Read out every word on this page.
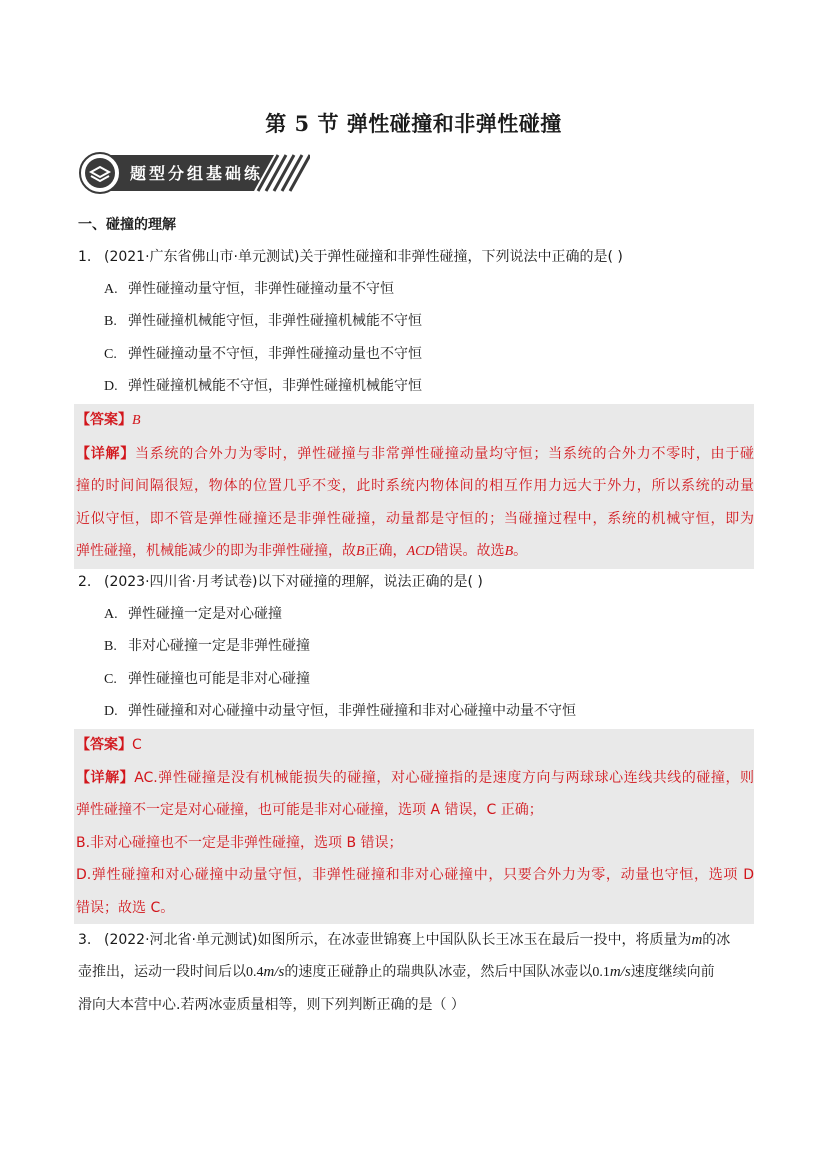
第 5 节 弹性碰撞和非弹性碰撞
题型分组基础练
一、碰撞的理解
1. (2021·广东省佛山市·单元测试)关于弹性碰撞和非弹性碰撞，下列说法中正确的是( )
A. 弹性碰撞动量守恒，非弹性碰撞动量不守恒
B. 弹性碰撞机械能守恒，非弹性碰撞机械能不守恒
C. 弹性碰撞动量不守恒，非弹性碰撞动量也不守恒
D. 弹性碰撞机械能不守恒，非弹性碰撞机械能守恒
【答案】B
【详解】当系统的合外力为零时，弹性碰撞与非常弹性碰撞动量均守恒；当系统的合外力不零时，由于碰
撞的时间间隔很短，物体的位置几乎不变，此时系统内物体间的相互作用力远大于外力，所以系统的动量
近似守恒，即不管是弹性碰撞还是非弹性碰撞，动量都是守恒的；当碰撞过程中，系统的机械守恒，即为
弹性碰撞，机械能减少的即为非弹性碰撞，故B正确，ACD错误。故选B。
2. (2023·四川省·月考试卷)以下对碰撞的理解，说法正确的是( )
A. 弹性碰撞一定是对心碰撞
B. 非对心碰撞一定是非弹性碰撞
C. 弹性碰撞也可能是非对心碰撞
D. 弹性碰撞和对心碰撞中动量守恒，非弹性碰撞和非对心碰撞中动量不守恒
【答案】C
【详解】AC.弹性碰撞是没有机械能损失的碰撞，对心碰撞指的是速度方向与两球球心连线共线的碰撞，则
弹性碰撞不一定是对心碰撞，也可能是非对心碰撞，选项 A 错误，C 正确；
B.非对心碰撞也不一定是非弹性碰撞，选项 B 错误；
D.弹性碰撞和对心碰撞中动量守恒，非弹性碰撞和非对心碰撞中，只要合外力为零，动量也守恒，选项 D
错误；故选 C。
3. (2022·河北省·单元测试)如图所示，在冰壶世锦赛上中国队队长王冰玉在最后一投中，将质量为m的冰
壶推出，运动一段时间后以0.4m/s的速度正碰静止的瑞典队冰壶，然后中国队冰壶以0.1m/s速度继续向前
滑向大本营中心.若两冰壶质量相等，则下列判断正确的是（ ）
